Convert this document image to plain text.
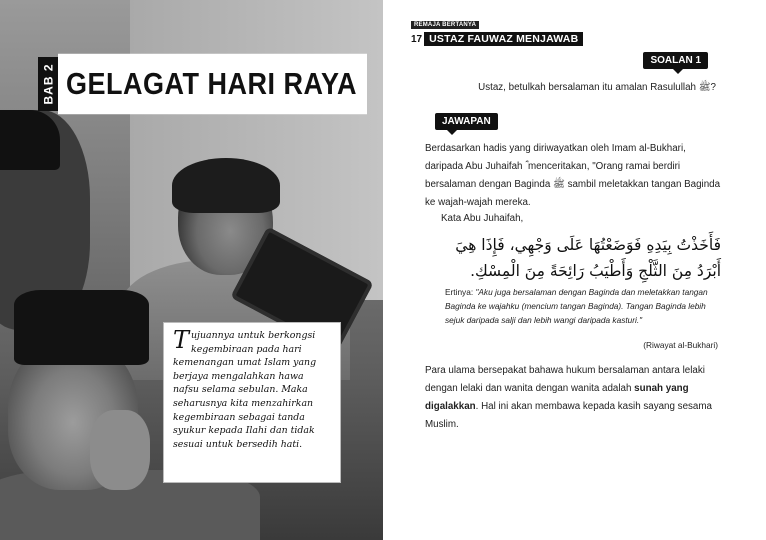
BAB 2 GELAGAT HARI RAYA
T ujuannya untuk berkongsi kegembiraan pada hari kemenangan umat Islam yang berjaya mengalahkan hawa nafsu selama sebulan. Maka seharusnya kita menzahirkan kegembiraan sebagai tanda syukur kepada Ilahi dan tidak sesuai untuk bersedih hati.
REMAJA BERTANYA
17 USTAZ FAUWAZ MENJAWAB
SOALAN 1
Ustaz, betulkah bersalaman itu amalan Rasulullah ﷺ?
JAWAPAN
Berdasarkan hadis yang diriwayatkan oleh Imam al-Bukhari, daripada Abu Juhaifah ؓ menceritakan, "Orang ramai berdiri bersalaman dengan Baginda ﷺ sambil meletakkan tangan Baginda ke wajah-wajah mereka.
Kata Abu Juhaifah,
فَأَخَذْتُ بِيَدِهِ فَوَضَعْتُهَا عَلَى وَجْهِي، فَإِذَا هِيَ أَبْرَدُ مِنَ الثَّلْجِ وَأَطْيَبُ رَائِحَةً مِنَ الْمِسْكِ.
Ertinya: "Aku juga bersalaman dengan Baginda dan meletakkan tangan Baginda ke wajahku (mencium tangan Baginda). Tangan Baginda lebih sejuk daripada salji dan lebih wangi daripada kasturi."
(Riwayat al-Bukhari)
Para ulama bersepakat bahawa hukum bersalaman antara lelaki dengan lelaki dan wanita dengan wanita adalah sunah yang digalakkan. Hal ini akan membawa kepada kasih sayang sesama Muslim.
